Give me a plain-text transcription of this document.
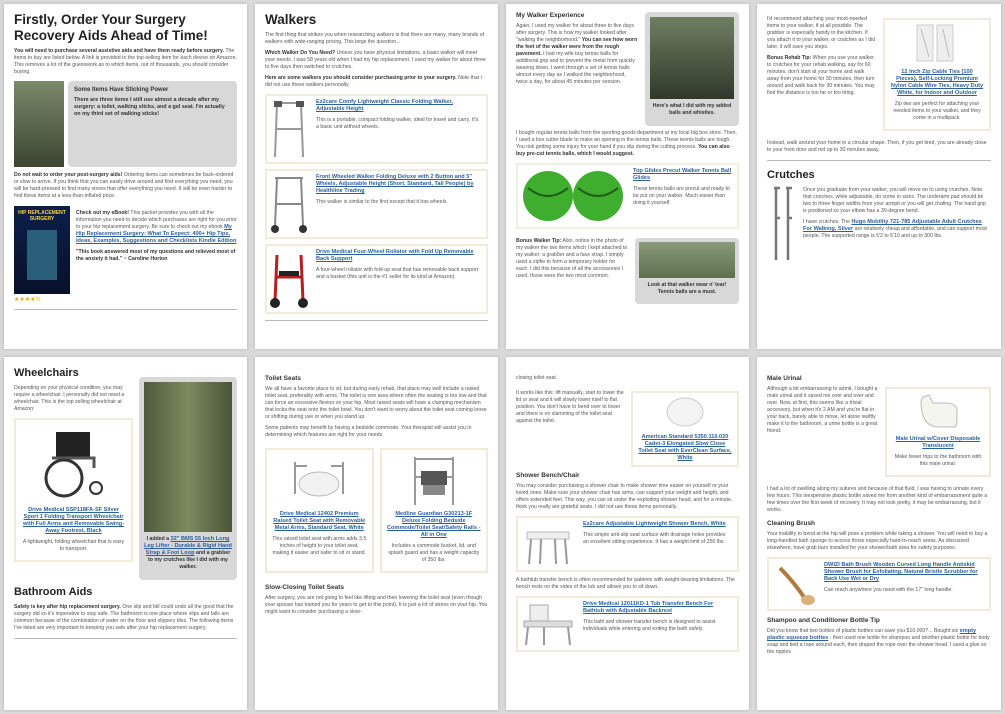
Firstly, Order Your Surgery Recovery Aids Ahead of Time!
You will need to purchase several assistive aids and have them ready before surgery. The items to buy are listed below. A link is provided to the top-selling item for each device on Amazon. This removes a lot of the guesswork as to which items, out of thousands, you should consider buying.
Some Items Have Sticking Power
There are three items I still use almost a decade after my surgery: a toilet, walking sticks, and a gel seat. I'm actually on my third set of walking sticks!
Do not wait to order your post-surgery aids! Ordering items can sometimes be back-ordered or slow to arrive. If you think that you can easily drive around and find everything you need, you will be hard-pressed to find many stores that offer everything you need. It will be even harder to find these items at a less-than-inflated price.
HIP REPLACEMENT SURGERY
★★★★½
Check out my eBook! This packet provides you with all the information you need to decide which purchases are right for you prior to your hip replacement surgery. Be sure to check out my ebook My Hip Replacement Surgery: What To Expect: 400+ Hip Tips, Ideas, Examples, Suggestions and Checklists Kindle Edition
"This book answered most of my questions and relieved most of the anxiety it had." ~ Caroline Horton
Walkers
The first thing that strikes you when researching walkers is that there are many, many brands of walkers with wide-ranging pricing. This begs the question...
Which Walker Do You Need? Unless you have physical limitations, a basic walker will meet your needs. I was 58 years old when I had my hip replacement. I used my walker for about three to five days then switched to crutches.
Here are some walkers you should consider purchasing prior to your surgery. Note that I did not use these walkers personally.
Ez2care Comfy Lightweight Classic Folding Walker, Adjustable Height
This is a portable, compact folding walker, ideal for travel and carry. It's a basic unit without wheels.
Front Wheeled Walker Folding Deluxe with 2 Button and 5" Wheels, Adjustable Height (Short, Standard, Tall People) by Healthline Trading
This walker is similar to the first except that it has wheels.
Drive Medical Four-Wheel Rollator with Fold Up Removable Back Support
A four-wheel rollator with fold-up seat that has removable back support and a basket (this unit is the #1 seller for its kind at Amazon).
My Walker Experience
Again, I used my walker for about three to five days after surgery. This is how my walker looked after "walking the neighborhood." You can see how worn the feet of the walker were from the rough pavement. I had my wife buy tennis balls for additional grip and to prevent the metal from quickly wearing down. I went through a set of tennis balls almost every day as I walked the neighborhood, twice a day, for about 45 minutes per session.
Here's what I did with my added balls and whistles.
I bought regular tennis balls from the sporting goods department at my local big box store. Then, I used a box cutter blade to make an opening in the tennis balls. These tennis balls are tough. You risk getting some injury for your hand if you slip during the cutting process. You can also buy pre-cut tennis balls, which I would suggest.
Top Glides Precut Walker Tennis Ball Glides
These tennis balls are precut and ready to be put on your walker. Much easier than doing it yourself.
Bonus Walker Tip: Also, notice in the photo of my walker the two items which I kept attached to my walker: a grabber and a face strap. I simply used a zipfie to form a temporary holder for each. I did this because of all the accessories I used, those were the two most common.
Look at that walker wear n' tear! Tennis balls are a must.
I'd recommend attaching your most-needed items to your walker, if at all possible. The grabber is especially handy in the kitchen. If you attach it to your walker, or crutches as I did later, it will save you steps.
Bonus Rehab Tip: When you use your walker to crutches for your rehab walking, say for 60 minutes, don't start at your home and walk away from your home for 30 minutes, then turn around and walk back for 30 minutes. You may find the distance is too far or too tiring.
12 Inch Zip Cable Ties (100 Pieces), Self-Locking Premium Nylon Cable Wire Ties, Heavy Duty White, for Indoor and Outdoor
Zip ties are perfect for attaching your needed items to your walker, and they come in a multipack.
Instead, walk around your home in a circular shape. Then, if you get tired, you are already close to your front door and not up to 30 minutes away.
Crutches
Once you graduate from your walker, you will move on to using crutches. Note that crutches, while adjustable, do come in sizes. The underarm pad should be two to three finger widths from your armpit or you will get chafing. The hand grip is positioned so your elbow has a 30-degree bend.
I have crutches. The Hugo Mobility 721-785 Adjustable Adult Crutches For Walking, Silver are relatively cheap and affordable, and can support most people. The supported range is 5'2 to 5'10 and up to 300 lbs.
Wheelchairs
Depending on your physical condition, you may require a wheelchair. I personally did not need a wheelchair. This is the top selling wheelchair at Amazon:
Drive Medical SSP118FA-SF Silver Sport 1 Folding Transport Wheelchair with Full Arms and Removable Swing-Away Footrest, Black
A lightweight, folding wheelchair that is easy to transport.
I added a 32" BMS 55 Inch Long Leg Lifter - Durable & Rigid Hand Strap & Foot Loop and a grabber to my crutches like I did with my walker.
Bathroom Aids
Safety is key after hip replacement surgery. One slip and fall could undo all the good that the surgery did so it's imperative to stay safe. The bathroom is one place where slips and falls are common because of the combination of water on the floor and slippery tiles. The following items I've listed are very important to keeping you safe after your hip replacement surgery.
Toilet Seats
We all have a favorite place to sit, but during early rehab, that place may well include a raised toilet seat, preferably with arms. The toilet is one area where often the seating is too low and that can force an excessive flexion on your hip. Most raised seats will have a clamping mechanism that locks the seat onto the toilet bowl. You don't want to worry about the toilet seat coming loose or shifting during use or when you stand up.
Some patients may benefit by having a bedside commode. Your therapist will assist you in determining which features are right for your needs.
Drive Medical 12402 Premium Raised Toilet Seat with Removable Metal Arms, Standard Seat, White
This raised toilet seat with arms adds 3.5 inches of height to your toilet seat, making it easier and safer to sit or stand.
Medline Guardian G30213-1F Deluxe Folding Bedside Commode/Toilet Seat/Safety Rails - All in One
Includes a commode bucket, lid, and splash guard and has a weight capacity of 350 lbs.
Slow-Closing Toilet Seats
After surgery, you are not going to feel like lifting and then lowering the toilet seat (even though your spouse has trained you for years to get to this point). It is just a lot of stress on your hip. You might want to consider purchasing a slow-
closing toilet seat.
It works like this: lift manually, start to lower the lid or seat and it will slowly lower itself to flat position. You don't have to bend over to lower and there is no slamming of the toilet seat against the toilet.
American Standard 5350.110.020 Cadet-3 Elongated Slow Close Toilet Seat with EverClean Surface, White
Shower Bench/Chair
You may consider purchasing a shower chair to make shower time easier on yourself or your loved ones. Make sure your shower chair has arms, can support your weight and height, and offers extended feet. This way, you can sit under the exploding shower head, and for a minute, think you really are grateful seats. I did not use these items personally.
Ez2care Adjustable Lightweight Shower Bench, White
This simple anti-slip seat surface with drainage holes provides an excellent sitting experience. It has a weight limit of 250 lbs.
A bathtub transfer bench is often recommended for patients with weight-bearing limitations. The bench rests on the sides of the tub and allows you to sit down.
Drive Medical 12011KD-1 Tub Transfer Bench For Bathtub with Adjustable Backrest
This bath and shower transfer bench is designed to assist individuals while entering and exiting the bath safely.
Male Urinal
Although a bit embarrassing to admit, I bought a male urinal and it saved me over and over and over. Now, at first, this seems like a trivial accessory, but when it's 2 AM and you're flat in your back, barely able to move, let alone swiftly make it to the bathroom, a urine bottle is a great friend.
Male Urinal w/Cover Disposable Translucent
Make fewer trips to the bathroom with this male urinal.
I had a lot of swelling along my sutures and because of that fluid, I was having to urinate every few hours. This inexpensive plastic bottle saved me from another kind of embarrassment quite a few times over the first week of recovery. It may not look pretty, it may be embarrassing, but it works.
Cleaning Brush
Your inability to bend at the hip will pose a problem while taking a shower. You will need to buy a long-handled bath sponge to access those especially hard-to-reach areas. As discussed elsewhere, have grab bars installed for your shower/bath area for safety purposes.
DWIZI Bath Brush Wooden Curved Long Handle Antiskid Shower Brush for Exfoliating, Natural Bristle Scrubber for Back Use Wet or Dry
Can reach anywhere you need with the 17" long handle.
Shampoo and Conditioner Bottle Tip
Did you know that two bottles of plastic bottles can save you $10,000?... Bought six empty plastic squeeze bottles - then used one bottle for shampoo and another plastic bottle for body soap and tied a rope around each, then draped the rope over the shower head. I used a glue so the ripples
